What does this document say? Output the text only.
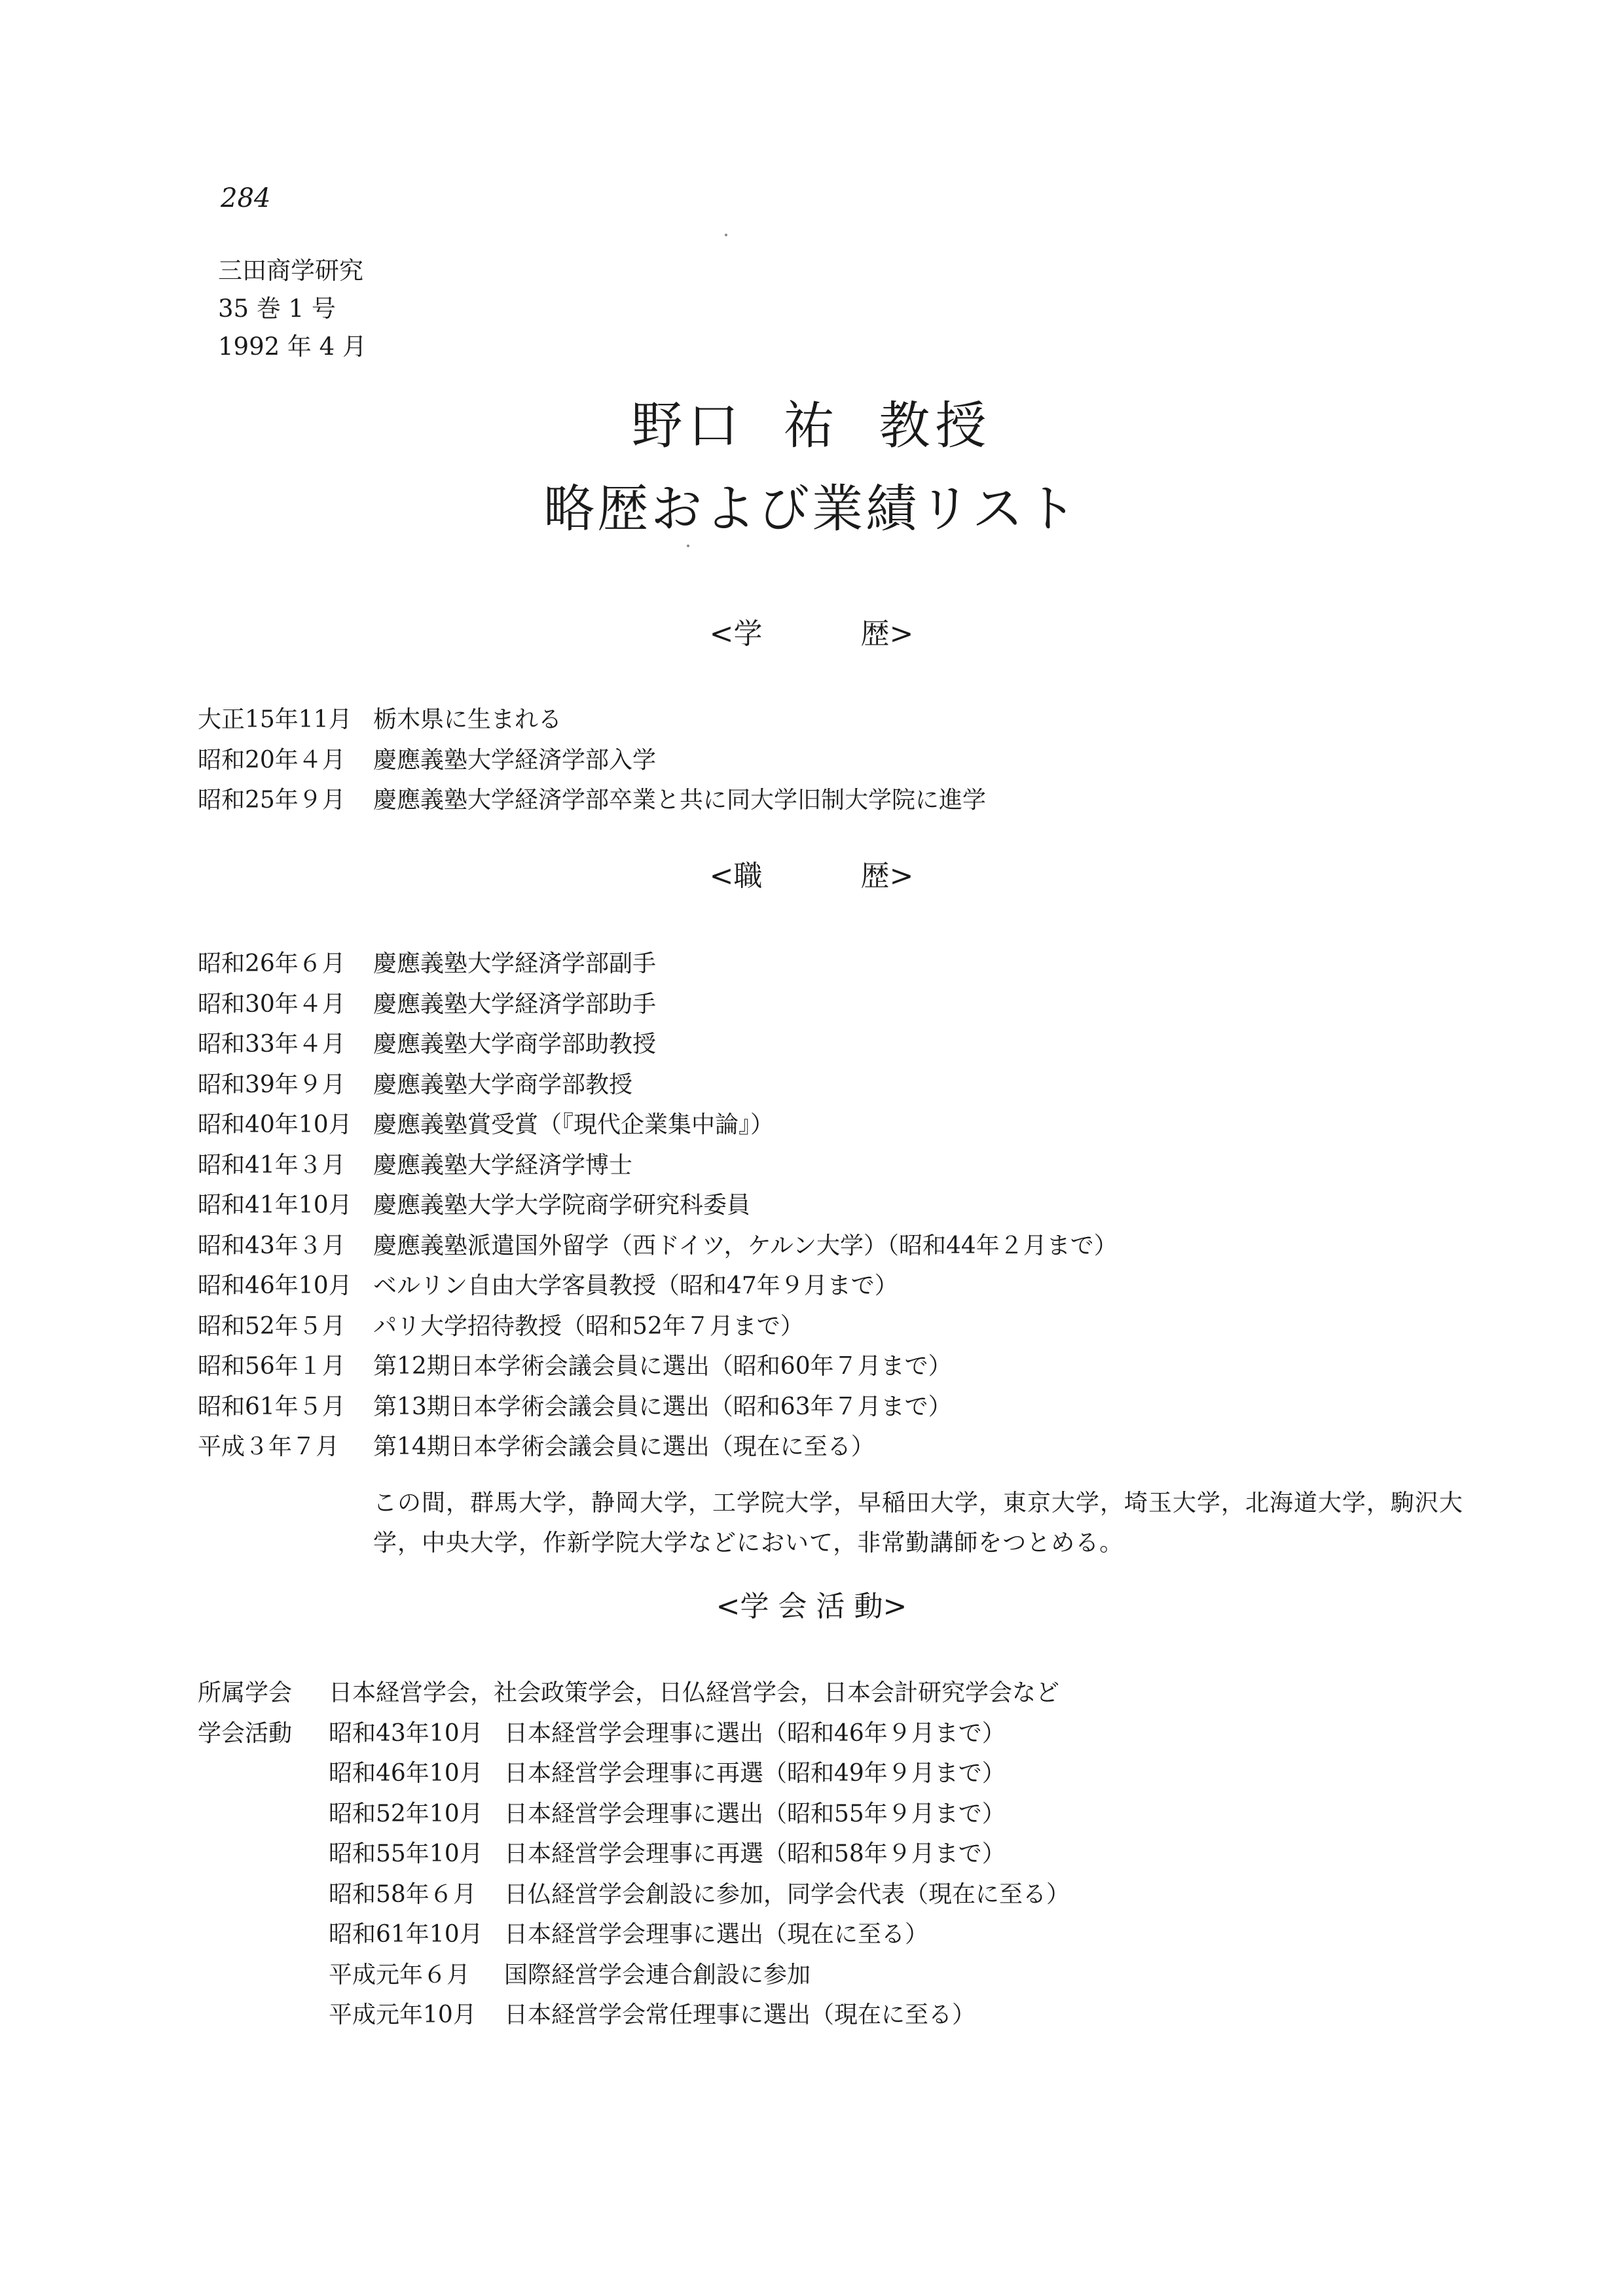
284
三田商学研究
35 巻 1 号
1992 年 4 月
野口 祐 教授
略歴および業績リスト
<学	歴>
大正15年11月 栃木県に生まれる
昭和20年４月	慶應義塾大学経済学部入学
昭和25年９月	慶應義塾大学経済学部卒業と共に同大学旧制大学院に進学
<職	歴>
昭和26年６月	慶應義塾大学経済学部副手
昭和30年４月	慶應義塾大学経済学部助手
昭和33年４月	慶應義塾大学商学部助教授
昭和39年９月	慶應義塾大学商学部教授
昭和40年10月 慶應義塾賞受賞（『現代企業集中論』）
昭和41年３月	慶應義塾大学経済学博士
昭和41年10月 慶應義塾大学大学院商学研究科委員
昭和43年３月	慶應義塾派遣国外留学（西ドイツ，ケルン大学）（昭和44年２月まで）
昭和46年10月 ベルリン自由大学客員教授（昭和47年９月まで）
昭和52年５月	パリ大学招待教授（昭和52年７月まで）
昭和56年１月	第12期日本学術会議会員に選出（昭和60年７月まで）
昭和61年５月	第13期日本学術会議会員に選出（昭和63年７月まで）
平成３年７月	第14期日本学術会議会員に選出（現在に至る）
この間，群馬大学，静岡大学，工学院大学，早稲田大学，東京大学，埼玉大学，北海道大学，駒沢大学，中央大学，作新学院大学などにおいて，非常勤講師をつとめる。
<学 会 活 動>
所属学会	日本経営学会，社会政策学会，日仏経営学会，日本会計研究学会など
学会活動	昭和43年10月 日本経営学会理事に選出（昭和46年９月まで）
昭和46年10月 日本経営学会理事に再選（昭和49年９月まで）
昭和52年10月 日本経営学会理事に選出（昭和55年９月まで）
昭和55年10月 日本経営学会理事に再選（昭和58年９月まで）
昭和58年６月	日仏経営学会創設に参加，同学会代表（現在に至る）
昭和61年10月 日本経営学会理事に選出（現在に至る）
平成元年６月	国際経営学会連合創設に参加
平成元年10月	日本経営学会常任理事に選出（現在に至る）
